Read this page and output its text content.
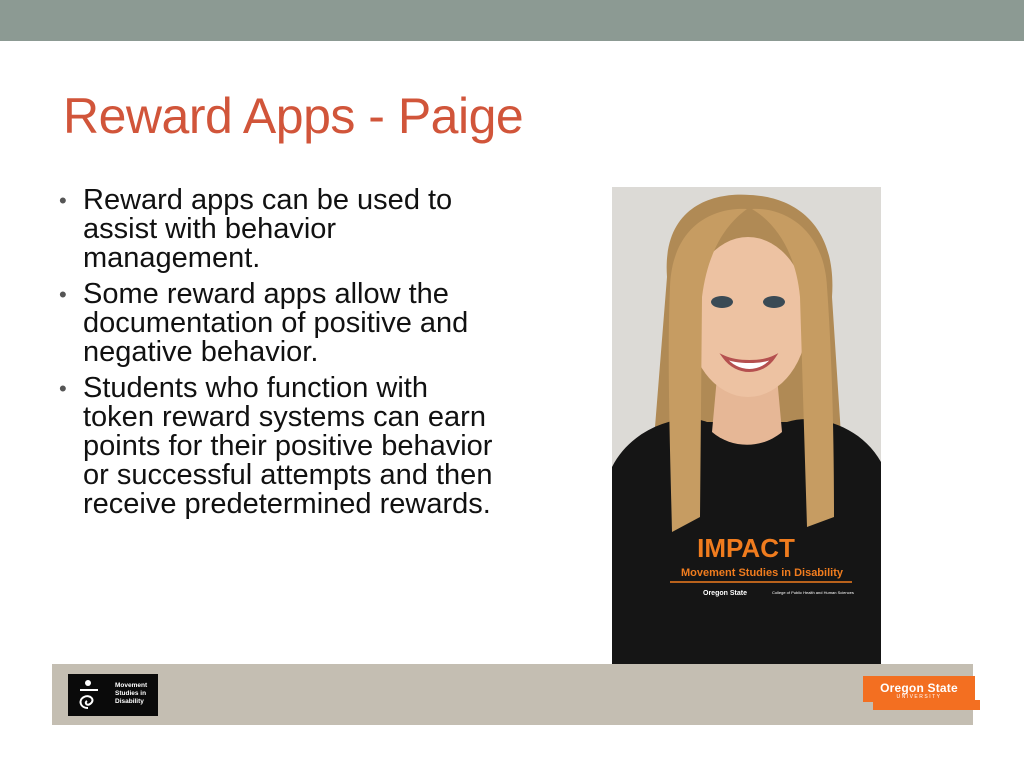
Reward Apps - Paige
• Reward apps can be used to assist with behavior management.
• Some reward apps allow the documentation of positive and negative behavior.
• Students who function with token reward systems can earn points for their positive behavior or successful attempts and then receive predetermined rewards.
IMPACT
Movement Studies in Disability
Oregon State	College of Public Health and Human Sciences
Movement Studies in Disability
Oregon State
UNIVERSITY
